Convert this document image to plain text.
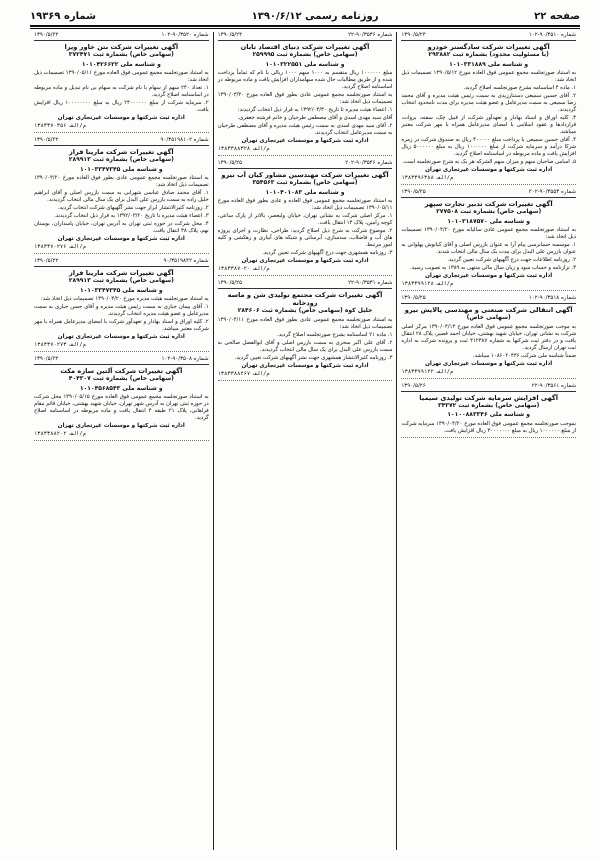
صفحه ۲۲
روزنامه رسمی ۱۳۹۰/۶/۱۲
شماره ۱۹۳۶۹
۱۳۹۰/۵/۲۴	شماره ۹۰/۳۵۱۰-۱۰۲
آگهی تغییرات شرکت سادگستر خودرو
(با مسئولیت محدود) بشماره ثبت ۲۹۳۸۸۲
و شناسه ملی ۱۰۱۰۳۳۱۸۸۹

به استناد صورتجلسه مجمع عمومی فوق العاده مورخ ۱۳۹۰/۵/۱۲ تصمیمات ذیل اتخاذ شد:

۱. ماده ۴ اساسنامه بشرح صورتجلسه اصلاح گردید.

۲. آقای حسین سمیعی دستنارزیدی به سمت رئیس هیئت مدیره و آقای محمد رضا سمیعی به سمت مدیرعامل و عضو هیئت مدیره برای مدت نامحدود انتخاب گردیدند.

۳. کلیه اوراق و اسناد بهادار و تعهدآور شرکت از قبیل چک، سفته، بروات، قراردادها و عقود اسلامی با امضای مدیرعامل همراه با مهر شرکت معتبر میباشد.

۴. آقای حسین سمیعی با پرداخت مبلغ ۴۰۰۰۰۰ ریال به صندوق شرکت در زمره شرکا درآمد و سرمایه شرکت از مبلغ ۱۰۰۰۰۰۰ ریال به مبلغ ۵۰۰۰۰۰۰ ریال افزایش یافت و ماده مربوطه در اساسنامه اصلاح گردید.

۵. اسامی صاحبان سهم و میزان سهم الشرکه هر یک به شرح صورتجلسه است.

اداره ثبت شرکتها و موسسات غیرتجاری تهران
۱۳۸۳۳۹۶۳۸۸ م/الف
۱۳۹۰/۵/۲۵	شماره ۹۰/۳۵۵۳-۲۰۲
آگهی تغییرات شرکت تدبیر تجارت سپهر
(سهامی خاص) بشماره ثبت ۲۷۷۵۰۸
و شناسه ملی ۱۰۱۰۳۱۸۷۵۷۰

به استناد صورتجلسه مجمع عمومی عادی سالیانه مورخ ۱۳۹۰/۰۴/۲۰ تصمیمات ذیل اتخاذ شد:

۱. موسسه حسابرسی پیام آرا به عنوان بازرس اصلی و آقای کیانوش پهلوانی به عنوان بازرس علی البدل برای مدت یک سال مالی انتخاب شدند.

۲. روزنامه اطلاعات جهت درج آگهیهای شرکت تعیین گردید.

۳. ترازنامه و حساب سود و زیان سال مالی منتهی به ۱۳۸۹ به تصویب رسید.

اداره ثبت شرکتها و موسسات غیرتجاری تهران
۱۳۸۳۳۹۹۱۲۸ م/الف
۱۳۹۰/۵/۲۵	شماره ۹۰/۳۵۱۸-۱۰۲
آگهی انتقالی شرکت صنعتی و مهندسی پالایش نیرو
(سهامی خاص)

به موجب صورتجلسه مجمع عمومی فوق العاده مورخ ۱۳۹۰/۰۴/۱۳ مرکز اصلی شرکت به نشانی تهران، خیابان شهید بهشتی، خیابان احمد قصیر، پلاک ۲۸ انتقال یافت و در دفتر ثبت شرکتها به شماره ۴۱۲۳۸۷ ثبت و پرونده شرکت به اداره ثبت تهران ارسال گردید.

ضمناً شناسه ملی شرکت ۱۰۸۶۰۲۰۴۳۶ میباشد.

اداره ثبت شرکتها و موسسات غیرتجاری تهران
۱۳۸۳۳۹۹۱۴۲ م/الف
۱۳۹۰/۵/۲۶	شماره ۹۰/۳۵۶۱-۲۲
آگهی افزایش سرمایه شرکت تولیدی سیمیا
(سهامی خاص) بشماره ثبت ۳۴۳۷۲
و شناسه ملی ۱۰۱۰۰۸۸۳۳۴۶

بموجب صورتجلسه مجمع عمومی فوق العاده مورخ ۱۳۹۰/۰۴/۲۰ سرمایه شرکت از مبلغ ۱۰۰۰۰۰۰ ریال به مبلغ ۳۰۰۰۰۰۰۰ ریال افزایش یافت.

۱۳۹۰/۵/۲۴	شماره ۹۰/۳۵۳۶-۲۲
آگهی تغییرات شرکت دنیای اقتصاد تابان
(سهامی خاص) بشماره ثبت ۲۵۹۹۹۵
و شناسه ملی ۱۰۱۰۳۲۲۵۵۱

مبلغ ۱۰۰۰۰۰۰ ریال منقسم به ۱۰۰۰ سهم ۱۰۰۰ ریالی با نام که تماماً پرداخت شده و از طریق مطالبات حال شده سهامداران افزایش یافت و ماده مربوطه در اساسنامه اصلاح گردید.

به استناد صورتجلسه مجمع عمومی عادی بطور فوق العاده مورخ ۱۳۹۰/۰۳/۳۰ تصمیمات ذیل اتخاذ شد:

۱. اعضاء هیئت مدیره تا تاریخ ۱۳۹۲/۰۳/۳۰ به قرار ذیل انتخاب گردیدند:

آقای سید مهدی اسدی و آقای مصطفی طرحیان و خانم فرشته جعفری.

۲. آقای سید مهدی اسدی به سمت رئیس هیئت مدیره و آقای مصطفی طرحیان به سمت مدیرعامل انتخاب گردیدند.

اداره ثبت شرکتها و موسسات غیرتجاری تهران
۱۳۸۳۳۸۸۳۲۸ م/الف
۱۳۹۰/۵/۲۵	شماره ۹۰/۳۵۴۶-۲۰۲
آگهی تغییرات شرکت مهندسین مشاور کیان آب نیرو
(سهامی خاص) بشماره ثبت ۳۵۴۵۶۳
و شناسه ملی ۱۰۱۰۴۰۱۰۸۳

به استناد صورتجلسه مجمع عمومی فوق العاده و عادی بطور فوق العاده مورخ ۱۳۹۰/۰۵/۱۱ تصمیمات ذیل اتخاذ شد:

۱. مرکز اصلی شرکت به نشانی تهران، خیابان ولیعصر، بالاتر از پارک ساعی، کوچه رامین، پلاک ۱۴ انتقال یافت.

۲. موضوع شرکت به شرح ذیل اصلاح گردید: طراحی، نظارت و اجرای پروژه های آب و فاضلاب، سدسازی، آبرسانی و شبکه های آبیاری و زهکشی و کلیه امور مرتبط.

۳. روزنامه همشهری جهت درج آگهیهای شرکت تعیین گردید.

اداره ثبت شرکتها و موسسات غیرتجاری تهران
۱۳۸۳۳۸۷۰۲۰ م/الف
۱۳۹۰/۵/۲۵	شماره ۹۰/۳۵۳۱-۲۲
آگهی تغییرات شرکت مجتمع تولیدی شن و ماسه رودخانه
خلیل کوه (سهامی خاص) بشماره ثبت ۲۸۴۶۰۶

به استناد صورتجلسه مجمع عمومی عادی بطور فوق العاده مورخ ۱۳۹۰/۰۴/۱۱ تصمیمات ذیل اتخاذ شد:

۱. ماده ۲۱ اساسنامه بشرح صورتجلسه اصلاح گردید.

۲. آقای علی اکبر سحری به سمت بازرس اصلی و آقای ابوالفضل صالحی به سمت بازرس علی البدل برای یک سال مالی انتخاب گردیدند.

۳. روزنامه کثیرالانتشار همشهری جهت نشر آگهیهای شرکت تعیین گردید.

اداره ثبت شرکتها و موسسات غیرتجاری تهران
۱۳۸۳۳۸۸۴۶۷ م/الف
۱۳۹۰/۵/۲۲	شماره ۹۰/۳۵۲۰-۱۰۲
آگهی تغییرات شرکت بتن خاور ویرا
(سهامی خاص) بشماره ثبت ۳۷۲۴۷۱
و شناسه ملی ۱۰۱۰۴۲۶۶۲۲

به استناد صورتجلسه مجمع عمومی فوق العاده مورخ ۱۳۹۰/۰۵/۱۱ تصمیمات ذیل اتخاذ شد:

۱. تعداد ۲۴۰ سهم از سهام با نام شرکت به سهام بی نام تبدیل و ماده مربوطه در اساسنامه اصلاح گردید.

۲. سرمایه شرکت از مبلغ ۲۴۰۰۰۰۰۰ ریال به مبلغ ۱۰۰۰۰۰۰۰۰ ریال افزایش یافت.

اداره ثبت شرکتها و موسسات غیرتجاری تهران
۱۳۸۳۳۷۰۳۵۶ م/الف
۱۳۹۰/۵/۲۲	شماره ۹۰/۳۵۱۹۸۱۰۲
آگهی تغییرات شرکت مارینا فراز
(سهامی خاص) بشماره ثبت ۲۸۹۹۱۳
و شناسه ملی ۱۰۱۰۳۳۴۷۳۴۵

به استناد صورتجلسه مجمع عمومی عادی بطور فوق العاده مورخ ۱۳۹۰/۰۳/۲۰ تصمیمات ذیل اتخاذ شد:

۱. آقای محمد صادق عباسی شهرابی به سمت بازرس اصلی و آقای ابراهیم خلیل زاده به سمت بازرس علی البدل برای یک سال مالی انتخاب گردیدند.

۲. روزنامه کثیرالانتشار ابرار جهت نشر آگهیهای شرکت انتخاب گردید.

۳. اعضاء هیئت مدیره تا تاریخ ۱۳۹۲/۰۳/۲۰ به قرار ذیل انتخاب گردیدند.

۴. محل شرکت در حوزه ثبتی تهران به آدرس تهران، خیابان پاسداران، بوستان نهم، پلاک ۳۸ انتقال یافت.

اداره ثبت شرکتها و موسسات غیرتجاری تهران
۱۳۸۳۳۷۰۲۷۶ م/الف
۱۳۹۰/۵/۲۲	شماره ۹۰/۳۵۱۹۸۴۲
آگهی تغییرات شرکت مارینا فراز
(سهامی خاص) بشماره ثبت ۲۸۹۹۱۳
و شناسه ملی ۱۰۱۰۳۳۴۷۳۴۵

به استناد صورتجلسه هیئت مدیره مورخ ۱۳۹۰/۰۳/۲۰ تصمیمات ذیل اتخاذ شد:

۱. آقای پیمان جباری به سمت رئیس هیئت مدیره و آقای حسن جباری به سمت مدیرعامل و عضو هیئت مدیره انتخاب گردیدند.

۲. کلیه اوراق و اسناد بهادار و تعهدآور شرکت با امضای مدیرعامل همراه با مهر شرکت معتبر میباشد.

اداره ثبت شرکتها و موسسات غیرتجاری تهران
۱۳۸۳۳۷۰۲۷۳ م/الف
۱۳۹۰/۵/۲۲	شماره ۹۰/۳۵۰۸-۱۰۲
آگهی تغییرات شرکت آلتین سازه مکث
(سهامی خاص) بشماره ثبت ۴۰۴۳۰۷
و شناسه ملی ۱۰۱۰۴۵۶۸۵۴۳

به استناد صورتجلسه مجمع عمومی فوق العاده مورخ ۱۳۹۰/۰۵/۱۵ محل شرکت در حوزه ثبتی تهران به آدرس شهر تهران، خیابان شهید بهشتی، خیابان قائم مقام فراهانی، پلاک ۲۱ طبقه ۴ انتقال یافت و ماده مربوطه در اساسنامه اصلاح گردید.

اداره ثبت شرکتها و موسسات غیرتجاری تهران
۱۳۸۳۳۸۸۲۰۲ م/الف
